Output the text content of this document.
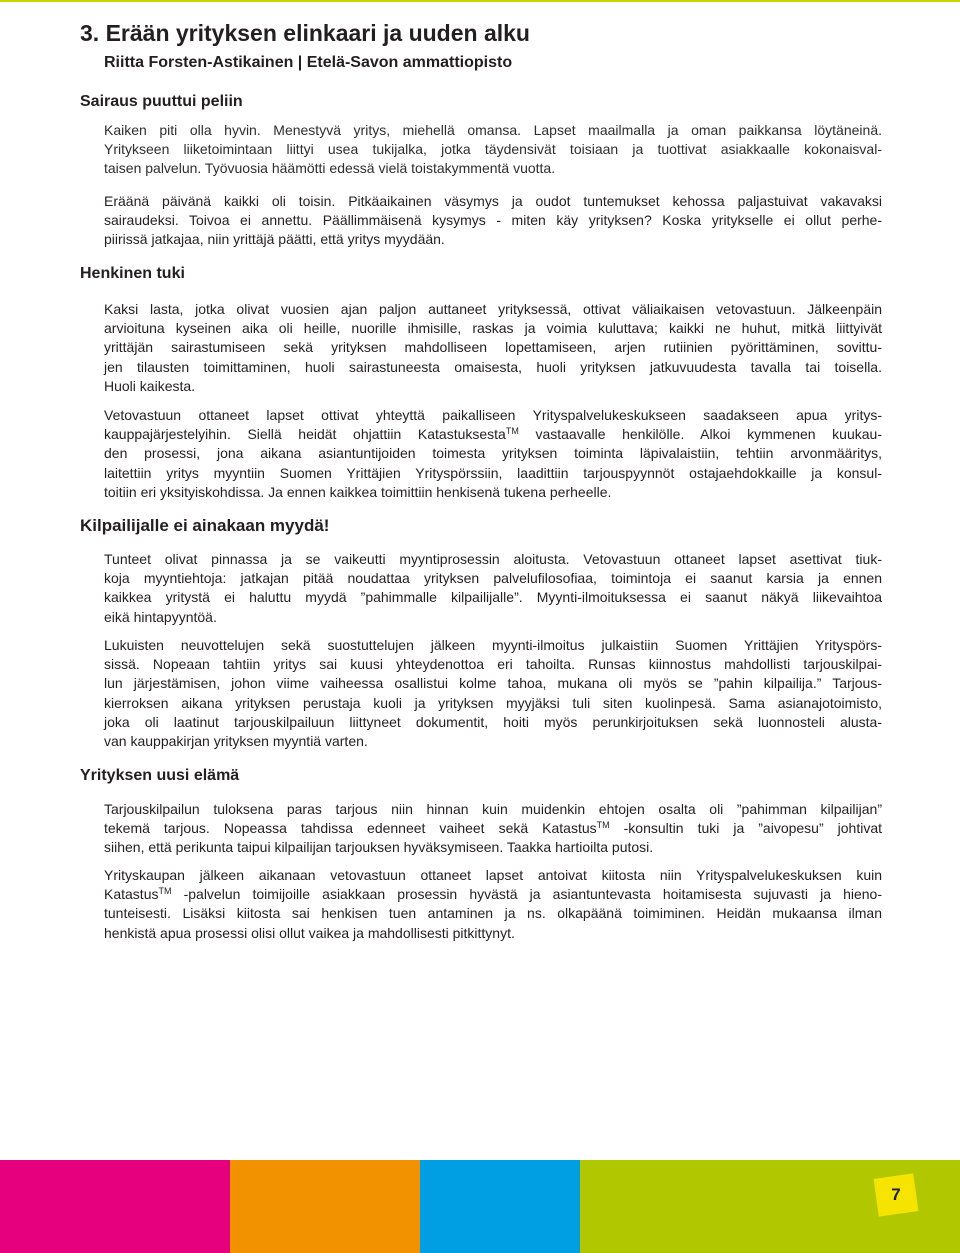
3. Erään yrityksen elinkaari ja uuden alku
Riitta Forsten-Astikainen | Etelä-Savon ammattiopisto
Sairaus puuttui peliin
Kaiken piti olla hyvin. Menestyvä yritys, miehellä omansa. Lapset maailmalla ja oman paikkansa löytäneinä.
Yritykseen liiketoimintaan liittyi usea tukijalka, jotka täydensivät toisiaan ja tuottivat asiakkaalle kokonaisval-
taisen palvelun. Työvuosia häämötti edessä vielä toistakymmentä vuotta.
Eräänä päivänä kaikki oli toisin. Pitkäaikainen väsymys ja oudot tuntemukset kehossa paljastuivat vakavaksi
sairaudeksi. Toivoa ei annettu. Päällimmäisenä kysymys - miten käy yrityksen? Koska yritykselle ei ollut perhe-
piirissä jatkajaa, niin yrittäjä päätti, että yritys myydään.
Henkinen tuki
Kaksi lasta, jotka olivat vuosien ajan paljon auttaneet yrityksessä, ottivat väliaikaisen vetovastuun. Jälkeenpäin
arvioituna kyseinen aika oli heille, nuorille ihmisille, raskas ja voimia kuluttava; kaikki ne huhut, mitkä liittyivät
yrittäjän sairastumiseen sekä yrityksen mahdolliseen lopettamiseen, arjen rutiinien pyörittäminen, sovittu-
jen tilausten toimittaminen, huoli sairastuneesta omaisesta, huoli yrityksen jatkuvuudesta tavalla tai toisella.
Huoli kaikesta.
Vetovastuun ottaneet lapset ottivat yhteyttä paikalliseen Yrityspalvelukeskukseen saadakseen apua yritys-
kauppajärjestelyihin. Siellä heidät ohjattiin Katastuksesta™ vastaavalle henkilölle. Alkoi kymmenen kuukau-
den prosessi, jona aikana asiantuntijoiden toimesta yrityksen toiminta läpivalaistiin, tehtiin arvonmääritys,
laitettiin yritys myyntiin Suomen Yrittäjien Yrityspörssiin, laadittiin tarjouspyynnöt ostajaehdokkaille ja konsul-
toitiin eri yksityiskohdissa. Ja ennen kaikkea toimittiin henkisenä tukena perheelle.
Kilpailijalle ei ainakaan myydä!
Tunteet olivat pinnassa ja se vaikeutti myyntiprosessin aloitusta. Vetovastuun ottaneet lapset asettivat tiuk-
koja myyntiehtoja: jatkajan pitää noudattaa yrityksen palvelufilosofiaa, toimintoja ei saanut karsia ja ennen
kaikkea yritystä ei haluttu myydä ”pahimmalle kilpailijalle”. Myynti-ilmoituksessa ei saanut näkyä liikevaihtoa
eikä hintapyyntöä.
Lukuisten neuvottelujen sekä suostuttelujen jälkeen myynti-ilmoitus julkaistiin Suomen Yrittäjien Yrityspörs-
sissä. Nopeaan tahtiin yritys sai kuusi yhteydenottoa eri tahoilta. Runsas kiinnostus mahdollisti tarjouskilpai-
lun järjestämisen, johon viime vaiheessa osallistui kolme tahoa, mukana oli myös se ”pahin kilpailija.” Tarjous-
kierroksen aikana yrityksen perustaja kuoli ja yrityksen myyjäksi tuli siten kuolinpesä. Sama asianajotoimisto,
joka oli laatinut tarjouskilpailuun liittyneet dokumentit, hoiti myös perunkirjoituksen sekä luonnosteli alusta-
van kauppakirjan yrityksen myyntiä varten.
Yrityksen uusi elämä
Tarjouskilpailun tuloksena paras tarjous niin hinnan kuin muidenkin ehtojen osalta oli ”pahimman kilpailijan”
tekemä tarjous. Nopeassa tahdissa edenneet vaiheet sekä Katastus™ -konsultin tuki ja ”aivopesu” johtivat
siihen, että perikunta taipui kilpailijan tarjouksen hyväksymiseen. Taakka hartioilta putosi.
Yrityskaupan jälkeen aikanaan vetovastuun ottaneet lapset antoivat kiitosta niin Yrityspalvelukeskuksen kuin
Katastus™ -palvelun toimijoille asiakkaan prosessin hyvästä ja asiantuntevasta hoitamisesta sujuvasti ja hieno-
tunteisesti. Lisäksi kiitosta sai henkisen tuen antaminen ja ns. olkapäänä toimiminen. Heidän mukaansa ilman
henkistä apua prosessi olisi ollut vaikea ja mahdollisesti pitkittynyt.
7
